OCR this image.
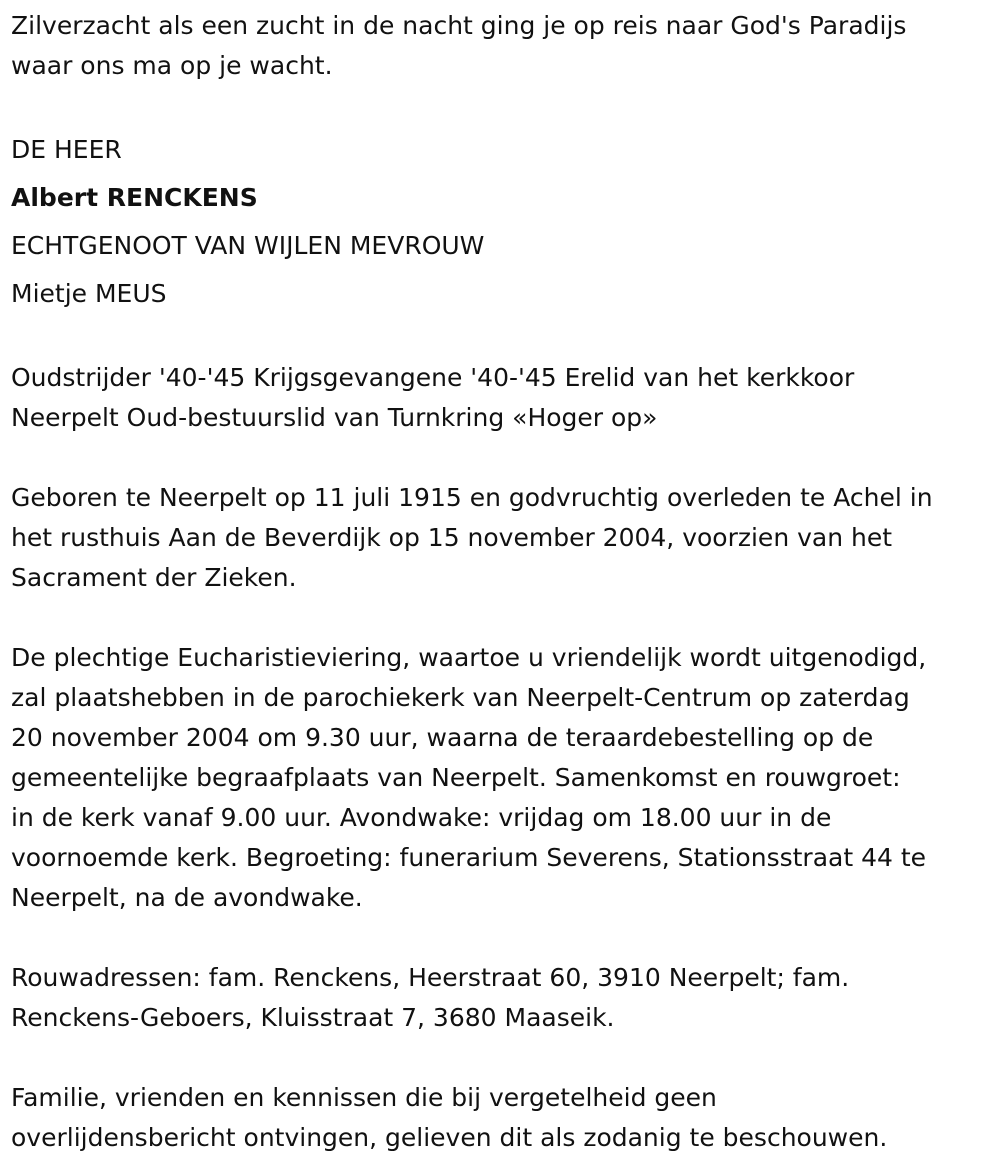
Zilverzacht als een zucht in de nacht ging je op reis naar God's Paradijs
waar ons ma op je wacht.

DE HEER
Albert RENCKENS
ECHTGENOOT VAN WIJLEN MEVROUW
Mietje MEUS

Oudstrijder '40-'45 Krijgsgevangene '40-'45 Erelid van het kerkkoor
Neerpelt Oud-bestuurslid van Turnkring «Hoger op»

Geboren te Neerpelt op 11 juli 1915 en godvruchtig overleden te Achel in
het rusthuis Aan de Beverdijk op 15 november 2004, voorzien van het
Sacrament der Zieken.

De plechtige Eucharistieviering, waartoe u vriendelijk wordt uitgenodigd,
zal plaatshebben in de parochiekerk van Neerpelt-Centrum op zaterdag
20 november 2004 om 9.30 uur, waarna de teraardebestelling op de
gemeentelijke begraafplaats van Neerpelt. Samenkomst en rouwgroet:
in de kerk vanaf 9.00 uur. Avondwake: vrijdag om 18.00 uur in de
voornoemde kerk. Begroeting: funerarium Severens, Stationsstraat 44 te
Neerpelt, na de avondwake.

Rouwadressen: fam. Renckens, Heerstraat 60, 3910 Neerpelt; fam.
Renckens-Geboers, Kluisstraat 7, 3680 Maaseik.

Familie, vrienden en kennissen die bij vergetelheid geen
overlijdensbericht ontvingen, gelieven dit als zodanig te beschouwen.
